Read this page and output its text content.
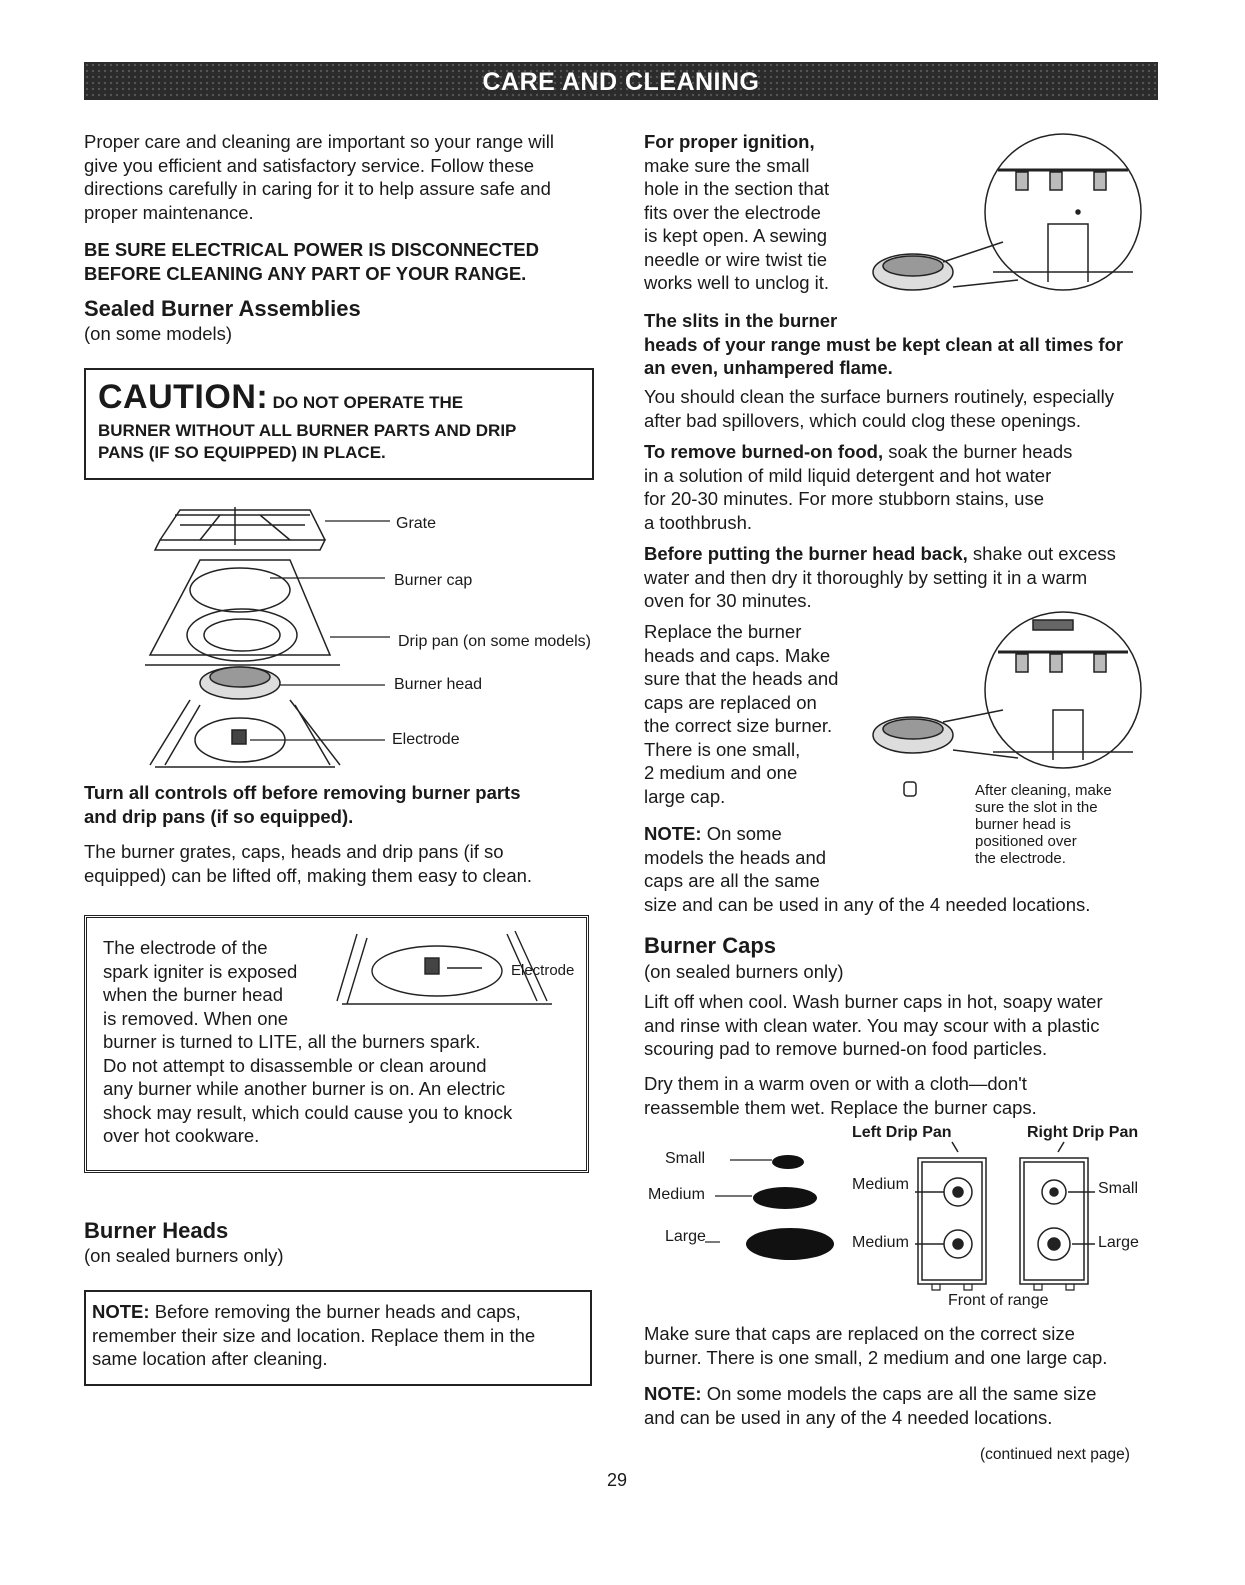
CARE AND CLEANING
Proper care and cleaning are important so your range will
give you efficient and satisfactory service. Follow these
directions carefully in caring for it to help assure safe and
proper maintenance.
BE SURE ELECTRICAL POWER IS DISCONNECTED
BEFORE CLEANING ANY PART OF YOUR RANGE.
Sealed Burner Assemblies
(on some models)
CAUTION: DO NOT OPERATE THE
BURNER WITHOUT ALL BURNER PARTS AND DRIP
PANS (IF SO EQUIPPED) IN PLACE.
Grate
Burner cap
Drip pan (on some models)
Burner head
Electrode
Turn all controls off before removing burner parts
and drip pans (if so equipped).
The burner grates, caps, heads and drip pans (if so
equipped) can be lifted off, making them easy to clean.
The electrode of the
spark igniter is exposed
when the burner head
is removed. When one
burner is turned to LITE, all the burners spark.
Do not attempt to disassemble or clean around
any burner while another burner is on. An electric
shock may result, which could cause you to knock
over hot cookware.
Electrode
Burner Heads
(on sealed burners only)
NOTE: Before removing the burner heads and caps,
remember their size and location. Replace them in the
same location after cleaning.
For proper ignition,
make sure the small
hole in the section that
fits over the electrode
is kept open. A sewing
needle or wire twist tie
works well to unclog it.
The slits in the burner
heads of your range must be kept clean at all times for
an even, unhampered flame.
You should clean the surface burners routinely, especially
after bad spillovers, which could clog these openings.
To remove burned-on food, soak the burner heads
in a solution of mild liquid detergent and hot water
for 20-30 minutes. For more stubborn stains, use
a toothbrush.
Before putting the burner head back, shake out excess
water and then dry it thoroughly by setting it in a warm
oven for 30 minutes.
Replace the burner
heads and caps. Make
sure that the heads and
caps are replaced on
the correct size burner.
There is one small,
2 medium and one
large cap.	After cleaning, make
sure the slot in the
burner head is
positioned over
the electrode.
NOTE: On some
models the heads and
caps are all the same
size and can be used in any of the 4 needed locations.
Burner Caps
(on sealed burners only)
Lift off when cool. Wash burner caps in hot, soapy water
and rinse with clean water. You may scour with a plastic
scouring pad to remove burned-on food particles.
Dry them in a warm oven or with a cloth—don't
reassemble them wet. Replace the burner caps.
Left Drip Pan	Right Drip Pan
Small
Medium
Large
Medium
Medium
Small
Large
Front of range
Make sure that caps are replaced on the correct size
burner. There is one small, 2 medium and one large cap.
NOTE: On some models the caps are all the same size
and can be used in any of the 4 needed locations.
(continued next page)
29
